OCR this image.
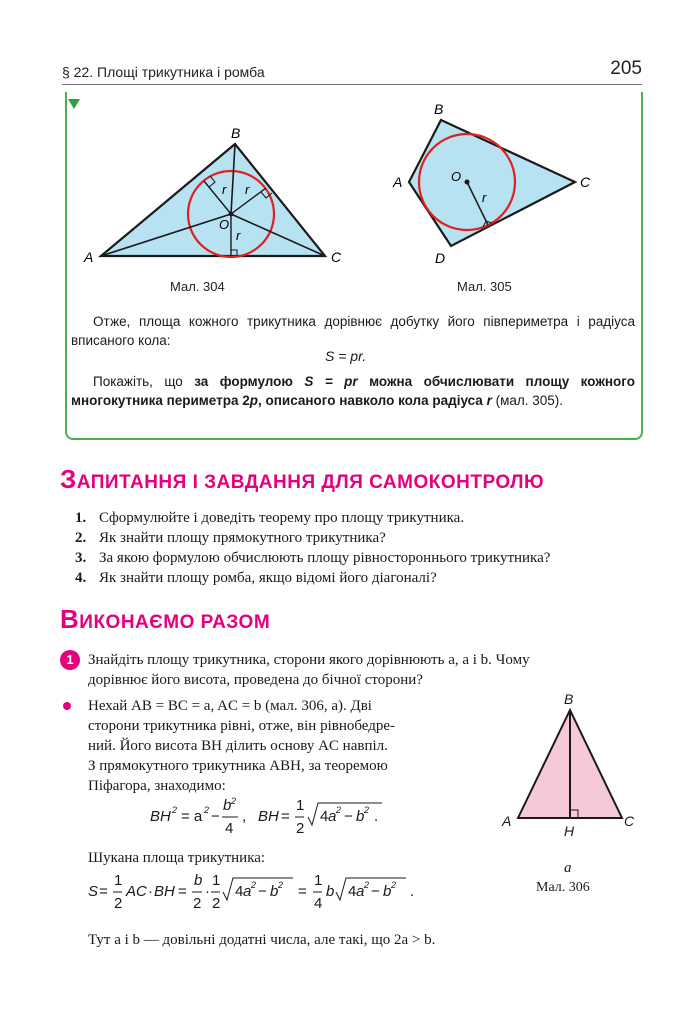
§ 22. Площі трикутника і ромба	205
A
B
C
O
r r
r
Мал. 304
B
C
D
A	O
r
Мал. 305

Отже, площа кожного трикутника дорівнює добутку його півпериметра і радіуса вписаного кола:

S = pr.

Покажіть, що за формулою S = pr можна обчислювати площу кожного многокутника периметра 2p, описаного навколо кола радіуса r (мал. 305).

ЗАПИТАННЯ І ЗАВДАННЯ ДЛЯ САМОКОНТРОЛЮ
1. Сформулюйте і доведіть теорему про площу трикутника.
2. Як знайти площу прямокутного трикутника?
3. За якою формулою обчислюють площу рівностороннього трикутника?
4. Як знайти площу ромба, якщо відомі його діагоналі?
ВИКОНАЄМО РАЗОМ
1 Знайдіть площу трикутника, сторони якого дорівнюють a, a і b. Чому

дорівнює його висота, проведена до бічної сторони?

Нехай AB = BC = a, AC = b (мал. 306, а). Дві

сторони трикутника рівні, отже, він рівнобедре-

ний. Його висота BH ділить основу AC навпіл.

З прямокутного трикутника ABH, за теоремою

Піфагора, знаходимо:

BH 2 = a 2 −
b 2
4
, BH =
1
2
4 a 2 − b 2 .

Шукана площа трикутника:

S =
1
2
AC · BH =
b
2
·
1
2
4 a 2 − b 2 =
1
4
b 4 a 2 − b 2 .

Тут a і b — довільні додатні числа, але такі, що 2a > b.

B
A	C
H
a
Мал. 306
